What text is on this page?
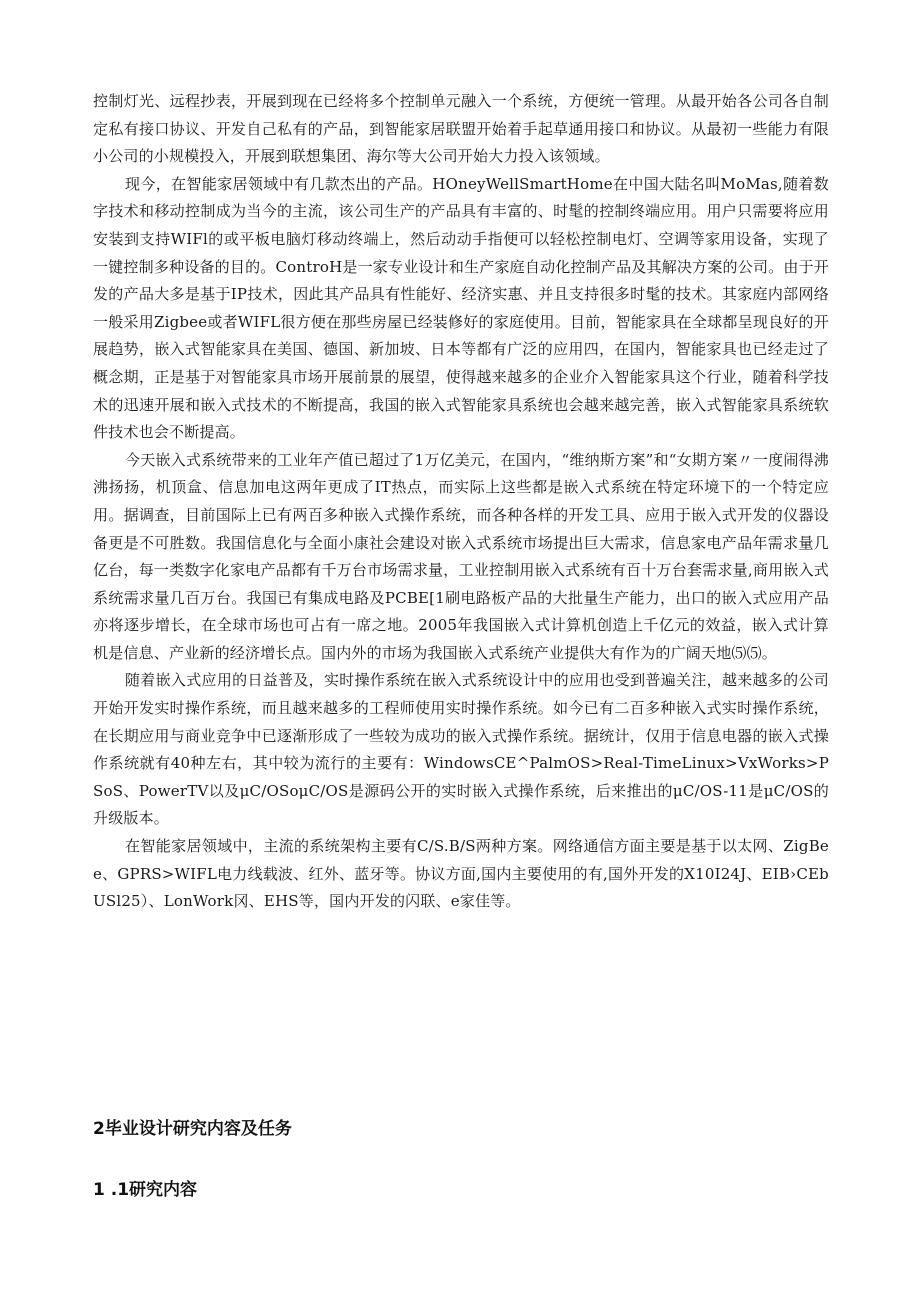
控制灯光、远程抄表，开展到现在已经将多个控制单元融入一个系统，方便统一管理。从最开始各公司各自制定私有接口协议、开发自己私有的产品，到智能家居联盟开始着手起草通用接口和协议。从最初一些能力有限小公司的小规模投入，开展到联想集团、海尔等大公司开始大力投入该领域。

现今，在智能家居领域中有几款杰出的产品。HOneyWellSmartHome在中国大陆名叫MoMas,随着数字技术和移动控制成为当今的主流，该公司生产的产品具有丰富的、时髦的控制终端应用。用户只需要将应用安装到支持WIFl的或平板电脑灯移动终端上，然后动动手指便可以轻松控制电灯、空调等家用设备，实现了一键控制多种设备的目的。ControH是一家专业设计和生产家庭自动化控制产品及其解决方案的公司。由于开发的产品大多是基于IP技术，因此其产品具有性能好、经济实惠、并且支持很多时髦的技术。其家庭内部网络一般采用Zigbee或者WIFL很方便在那些房屋已经装修好的家庭使用。目前，智能家具在全球都呈现良好的开展趋势，嵌入式智能家具在美国、德国、新加坡、日本等都有广泛的应用四，在国内，智能家具也已经走过了概念期，正是基于对智能家具市场开展前景的展望，使得越来越多的企业介入智能家具这个行业，随着科学技术的迅速开展和嵌入式技术的不断提高，我国的嵌入式智能家具系统也会越来越完善，嵌入式智能家具系统软件技术也会不断提高。

今天嵌入式系统带来的工业年产值已超过了1万亿美元，在国内，“维纳斯方案”和“女期方案〃一度闹得沸沸扬扬，机顶盒、信息加电这两年更成了IT热点，而实际上这些都是嵌入式系统在特定环境下的一个特定应用。据调查，目前国际上已有两百多种嵌入式操作系统，而各种各样的开发工具、应用于嵌入式开发的仪器设备更是不可胜数。我国信息化与全面小康社会建设对嵌入式系统市场提出巨大需求，信息家电产品年需求量几亿台，每一类数字化家电产品都有千万台市场需求量，工业控制用嵌入式系统有百十万台套需求量,商用嵌入式系统需求量几百万台。我国已有集成电路及PCBE[1刷电路板产品的大批量生产能力，出口的嵌入式应用产品亦将逐步增长，在全球市场也可占有一席之地。2005年我国嵌入式计算机创造上千亿元的效益，嵌入式计算机是信息、产业新的经济增长点。国内外的市场为我国嵌入式系统产业提供大有作为的广阔天地⑸⑸。

随着嵌入式应用的日益普及，实时操作系统在嵌入式系统设计中的应用也受到普遍关注，越来越多的公司开始开发实时操作系统，而且越来越多的工程师使用实时操作系统。如今已有二百多种嵌入式实时操作系统，在长期应用与商业竞争中已逐渐形成了一些较为成功的嵌入式操作系统。据统计，仅用于信息电器的嵌入式操作系统就有40种左右，其中较为流行的主要有：WindowsCE^PalmOS>Real-TimeLinux>VxWorks>PSoS、PowerTV以及μC/OSoμC/OS是源码公开的实时嵌入式操作系统，后来推出的μC/OS-11是μC/OS的升级版本。

在智能家居领域中，主流的系统架构主要有C/S.B/S两种方案。网络通信方面主要是基于以太网、ZigBee、GPRS>WIFL电力线载波、红外、蓝牙等。协议方面,国内主要使用的有,国外开发的X10I24J、EIB›CEbUSl25）、LonWork冈、EHS等，国内开发的闪联、e家佳等。

2毕业设计研究内容及任务
1 .1研究内容
